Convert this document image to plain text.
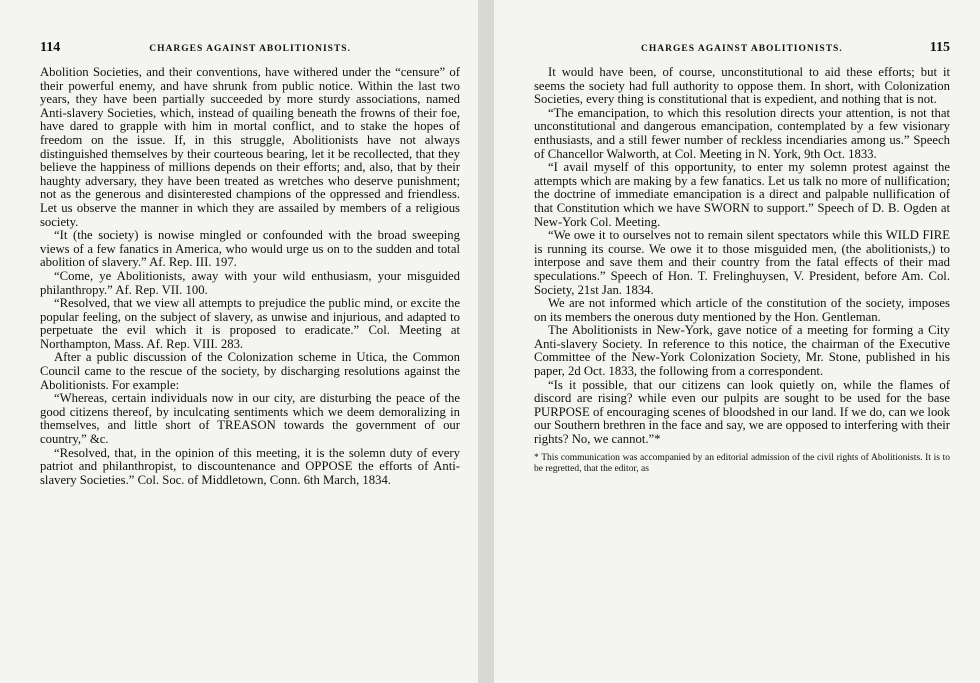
114	CHARGES AGAINST ABOLITIONISTS.

Abolition Societies, and their conventions, have withered under the “censure” of their powerful enemy, and have shrunk from public notice. Within the last two years, they have been partially succeeded by more sturdy associations, named Anti-slavery Societies, which, instead of quailing beneath the frowns of their foe, have dared to grapple with him in mortal conflict, and to stake the hopes of freedom on the issue. If, in this struggle, Abolitionists have not always distinguished themselves by their courteous bearing, let it be recollected, that they believe the happiness of millions depends on their efforts; and, also, that by their haughty adversary, they have been treated as wretches who deserve punishment; not as the generous and disinterested champions of the oppressed and friendless. Let us observe the manner in which they are assailed by members of a religious society.

“It (the society) is nowise mingled or confounded with the broad sweeping views of a few fanatics in America, who would urge us on to the sudden and total abolition of slavery.” Af. Rep. III. 197.

“Come, ye Abolitionists, away with your wild enthusiasm, your misguided philanthropy.” Af. Rep. VII. 100.

“Resolved, that we view all attempts to prejudice the public mind, or excite the popular feeling, on the subject of slavery, as unwise and injurious, and adapted to perpetuate the evil which it is proposed to eradicate.” Col. Meeting at Northampton, Mass. Af. Rep. VIII. 283.

After a public discussion of the Colonization scheme in Utica, the Common Council came to the rescue of the society, by discharging resolutions against the Abolitionists. For example:

“Whereas, certain individuals now in our city, are disturbing the peace of the good citizens thereof, by inculcating sentiments which we deem demoralizing in themselves, and little short of TREASON towards the government of our country,” &c.

“Resolved, that, in the opinion of this meeting, it is the solemn duty of every patriot and philanthropist, to discountenance and OPPOSE the efforts of Anti-slavery Societies.” Col. Soc. of Middletown, Conn. 6th March, 1834.

CHARGES AGAINST ABOLITIONISTS.	115

It would have been, of course, unconstitutional to aid these efforts; but it seems the society had full authority to oppose them. In short, with Colonization Societies, every thing is constitutional that is expedient, and nothing that is not.

“The emancipation, to which this resolution directs your attention, is not that unconstitutional and dangerous emancipation, contemplated by a few visionary enthusiasts, and a still fewer number of reckless incendiaries among us.” Speech of Chancellor Walworth, at Col. Meeting in N. York, 9th Oct. 1833.

“I avail myself of this opportunity, to enter my solemn protest against the attempts which are making by a few fanatics. Let us talk no more of nullification; the doctrine of immediate emancipation is a direct and palpable nullification of that Constitution which we have SWORN to support.” Speech of D. B. Ogden at New-York Col. Meeting.

“We owe it to ourselves not to remain silent spectators while this WILD FIRE is running its course. We owe it to those misguided men, (the abolitionists,) to interpose and save them and their country from the fatal effects of their mad speculations.” Speech of Hon. T. Frelinghuysen, V. President, before Am. Col. Society, 21st Jan. 1834.

We are not informed which article of the constitution of the society, imposes on its members the onerous duty mentioned by the Hon. Gentleman.

The Abolitionists in New-York, gave notice of a meeting for forming a City Anti-slavery Society. In reference to this notice, the chairman of the Executive Committee of the New-York Colonization Society, Mr. Stone, published in his paper, 2d Oct. 1833, the following from a correspondent.

“Is it possible, that our citizens can look quietly on, while the flames of discord are rising? while even our pulpits are sought to be used for the base PURPOSE of encouraging scenes of bloodshed in our land. If we do, can we look our Southern brethren in the face and say, we are opposed to interfering with their rights? No, we cannot.”*

* This communication was accompanied by an editorial admission of the civil rights of Abolitionists. It is to be regretted, that the editor, as
